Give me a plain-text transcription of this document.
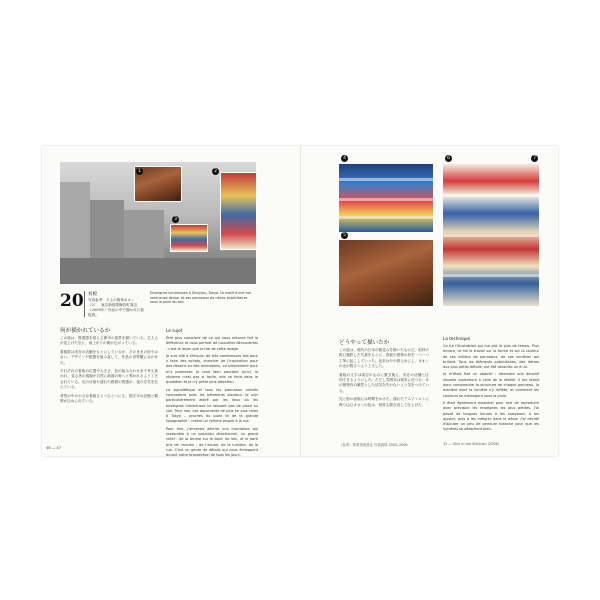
1	2
3
20 看板
写真参考：天上の街角ネオン（2）、東京新宿歌舞伎町周辺（2006年）作品の中で描かれた看板群。
Enseignes lumineuses à Shinjuku, Tokyo. Le motif d'une rue lumineuse dense, et ses panneaux de néons publicitaires sous la pluie du soir.
何が描かれているか

この絵は、既視感を覚える都市の風景を描いている。主人公が見上げた空に、雨上がりの街が広がっている。

看板群は実在の店舗をもとにしているが、そのままの形ではない。デザインや配置を組み直して、作品の世界観に合わせた。

それぞれの看板の位置や大きさ、色の組み合わせまで考え抜かれ、見る者の視線が自然に画面の奥へと導かれるよう工夫されている。光の反射や濡れた路面の質感が、夜の空気を伝えている。

背景の中の小さな看板ひとつひとつにも、描き手の記憶と観察が込められている。

Le sujet

Être plus conscient de ce qui nous entoure fait la différence et nous permet de nouvelles découvertes : c'est le leçon que je tire de cette image.

Je suis allé à Shinjuku de très nombreuses fois pour y faire des achats, chercher de l'inspiration pour des dessins ou des animations, ou simplement pour m'y promener. Je crois bien pourtant qu'ici, la réclame n'est pas si facile, elle se fond dans le quotidien et je n'y prête plus attention.

La signalétique et tous les panneaux colorés contrastent avec les bâtiments alentour. Je suis particulièrement attiré par les lieux où les enseignes lumineuses ne laissent pas de place au ciel. Pour moi, ces documents de plus en plus rares à Tokyo – proches du point et de la grande typographie – créent un rythme propre à la rue.

Pour finir, j'aimerais décrire une inscription qui ressemble à un panneau directionnel, un grand relief : de la brume sur le bord, de loin, et le parti pris de l'ancien ; de l'actuel, de la lumière, de la rue. C'est un genre de détails qui nous échappent durant notre prospection de tous les jours.

46 — 47
4
5
6	7
どうやって描いたか

この絵は、現代の日本の街並みを描いたものだ。取材の際に撮影した写真をもとに、看板や建物の形を一つ一つ丁寧に起こしていった。色彩はやや抑えめにし、ネオンの光が際立つよう工夫した。

看板の文字は架空のものに置き換え、実在の店舗と区別できるようにした。ただし雰囲気は現実に近づけ、あの街特有の雑然とした活気を失わないよう気をつけている。

光と影の表現には時間をかけた。濡れたアスファルトに映り込むネオンの色は、何度も描き直して仕上げた。

（参考）背景美術設定 写真資料 2005–2006
La technique

Ce fut l'illustration qui me prit le plus de temps. Plus encore, ce fut le travail sur la forme et sur la couleur de ces milliers de panneaux, de ces lumières qui brillent. Tous les éléments publicitaires, des lettres aux plus petits détails, ont été dessinés un à un.

Je m'étais fixé un objectif : atteindre une densité visuelle supérieure à celle de la réalité. Il me fallait donc comprendre la structure de chaque panneau, la manière dont la lumière s'y reflète, et comment les couleurs se mélangent sous la pluie.

Il était également essentiel pour moi de reproduire avec précision les enseignes les plus petites. J'ai passé de longues heures à les composer, à les ajuster, puis à les intégrer dans le décor. J'ai décidé d'ajouter un peu de peinture blanche pour que les lumières se détachent bien.

15 — Shin in the Shinjuku (2006)
